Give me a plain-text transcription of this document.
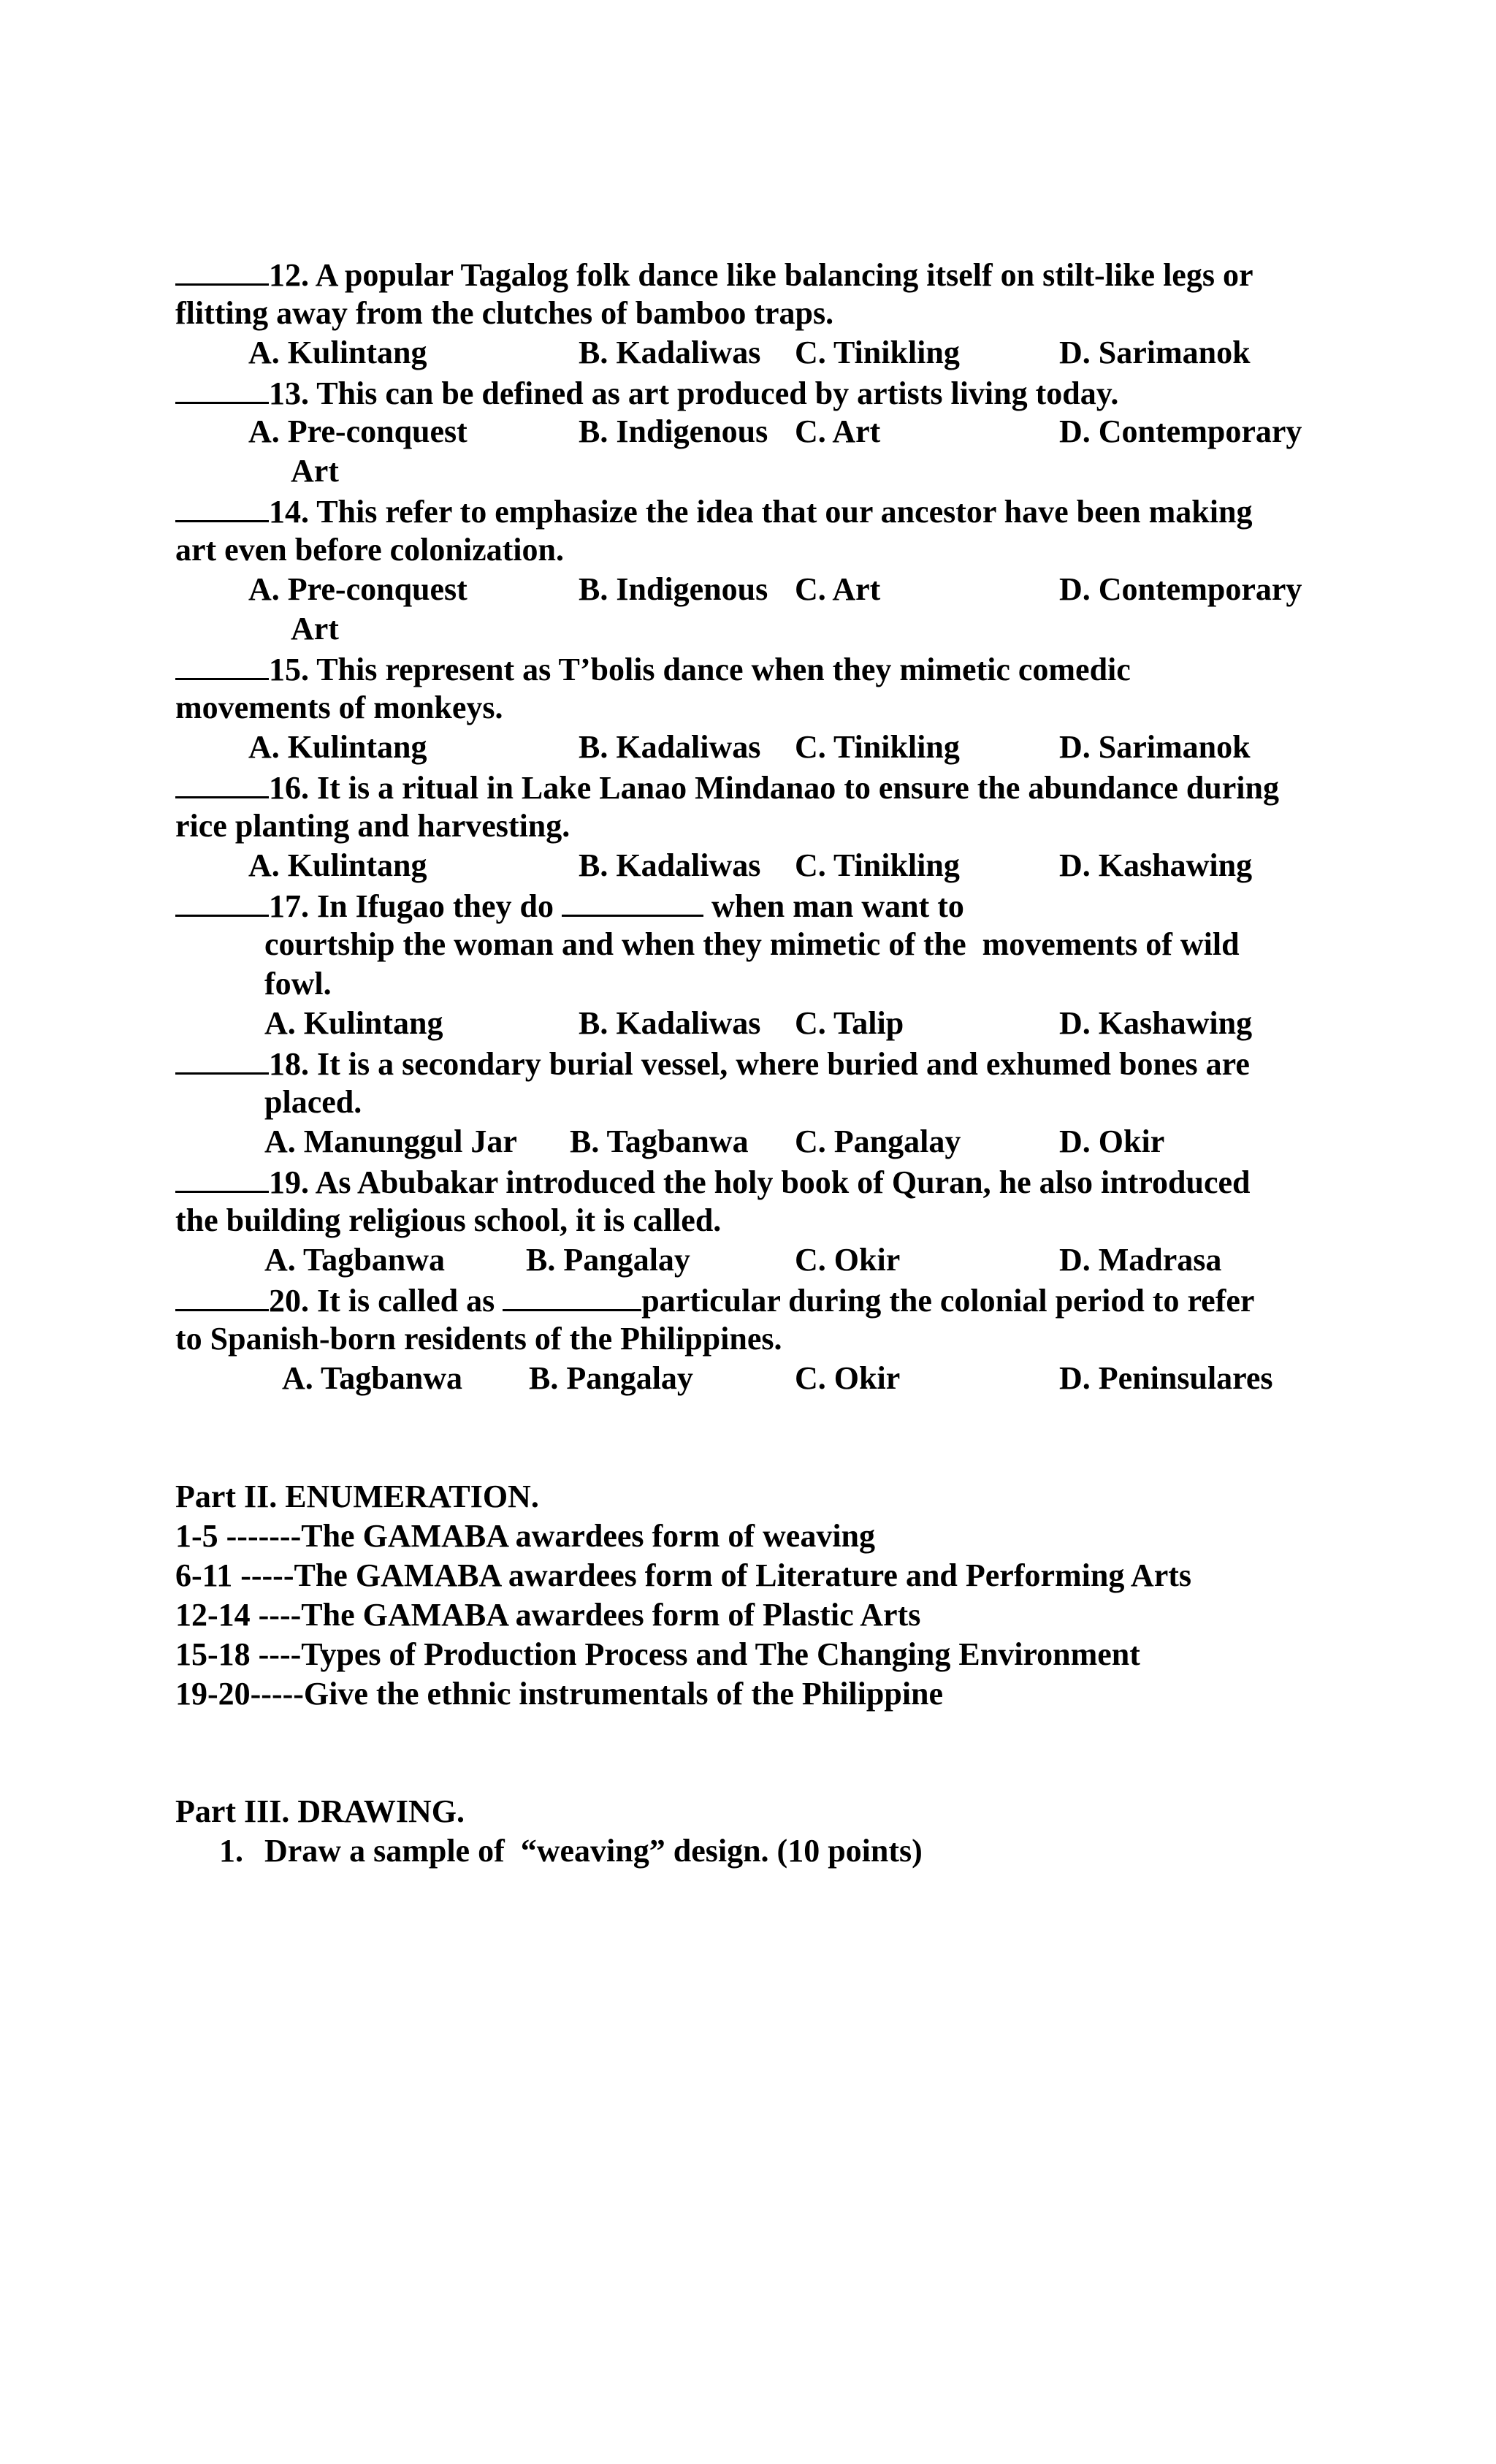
12. A popular Tagalog folk dance like balancing itself on stilt-like legs or
flitting away from the clutches of bamboo traps.
A. Kulintang	B. Kadaliwas C. Tinikling	D. Sarimanok
13. This can be defined as art produced by artists living today.
A. Pre-conquest	B. Indigenous C. Art	D. Contemporary
Art
14. This refer to emphasize the idea that our ancestor have been making
art even before colonization.
A. Pre-conquest	B. Indigenous C. Art	D. Contemporary
Art
15. This represent as T’bolis dance when they mimetic comedic
movements of monkeys.
A. Kulintang	B. Kadaliwas C. Tinikling	D. Sarimanok
16. It is a ritual in Lake Lanao Mindanao to ensure the abundance during
rice planting and harvesting.
A. Kulintang	B. Kadaliwas C. Tinikling	D. Kashawing
17. In Ifugao they do	when man want to
courtship the woman and when they mimetic of the  movements of wild
fowl.
A. Kulintang	B. Kadaliwas C. Talip	D. Kashawing
18. It is a secondary burial vessel, where buried and exhumed bones are
placed.
A. Manunggul Jar B. Tagbanwa C. Pangalay	D. Okir
19. As Abubakar introduced the holy book of Quran, he also introduced
the building religious school, it is called.
A. Tagbanwa	B. Pangalay	C. Okir	D. Madrasa
20. It is called as	particular during the colonial period to refer
to Spanish-born residents of the Philippines.
A. Tagbanwa B. Pangalay	C. Okir	D. Peninsulares
Part II. ENUMERATION.
1-5 -------The GAMABA awardees form of weaving
6-11 -----The GAMABA awardees form of Literature and Performing Arts
12-14 ----The GAMABA awardees form of Plastic Arts
15-18 ----Types of Production Process and The Changing Environment
19-20-----Give the ethnic instrumentals of the Philippine
Part III. DRAWING.
1. Draw a sample of  “weaving” design. (10 points)
